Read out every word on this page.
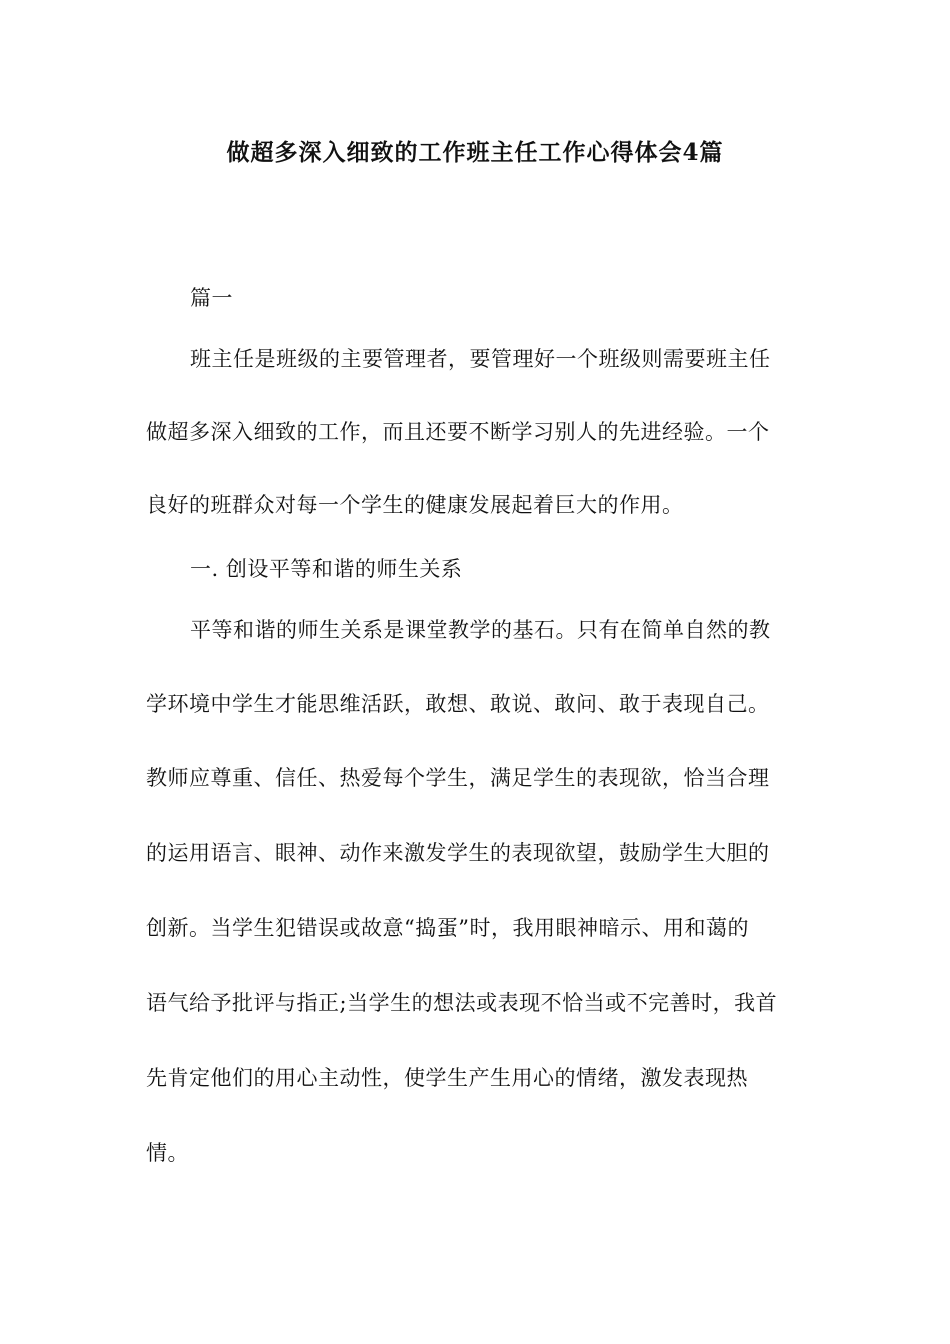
做超多深入细致的工作班主任工作心得体会4篇
篇一
班主任是班级的主要管理者，要管理好一个班级则需要班主任
做超多深入细致的工作，而且还要不断学习别人的先进经验。一个
良好的班群众对每一个学生的健康发展起着巨大的作用。
一. 创设平等和谐的师生关系
平等和谐的师生关系是课堂教学的基石。只有在简单自然的教
学环境中学生才能思维活跃，敢想、敢说、敢问、敢于表现自己。
教师应尊重、信任、热爱每个学生，满足学生的表现欲，恰当合理
的运用语言、眼神、动作来激发学生的表现欲望，鼓励学生大胆的
创新。当学生犯错误或故意“捣蛋”时，我用眼神暗示、用和蔼的
语气给予批评与指正;当学生的想法或表现不恰当或不完善时，我首
先肯定他们的用心主动性，使学生产生用心的情绪，激发表现热
情。
